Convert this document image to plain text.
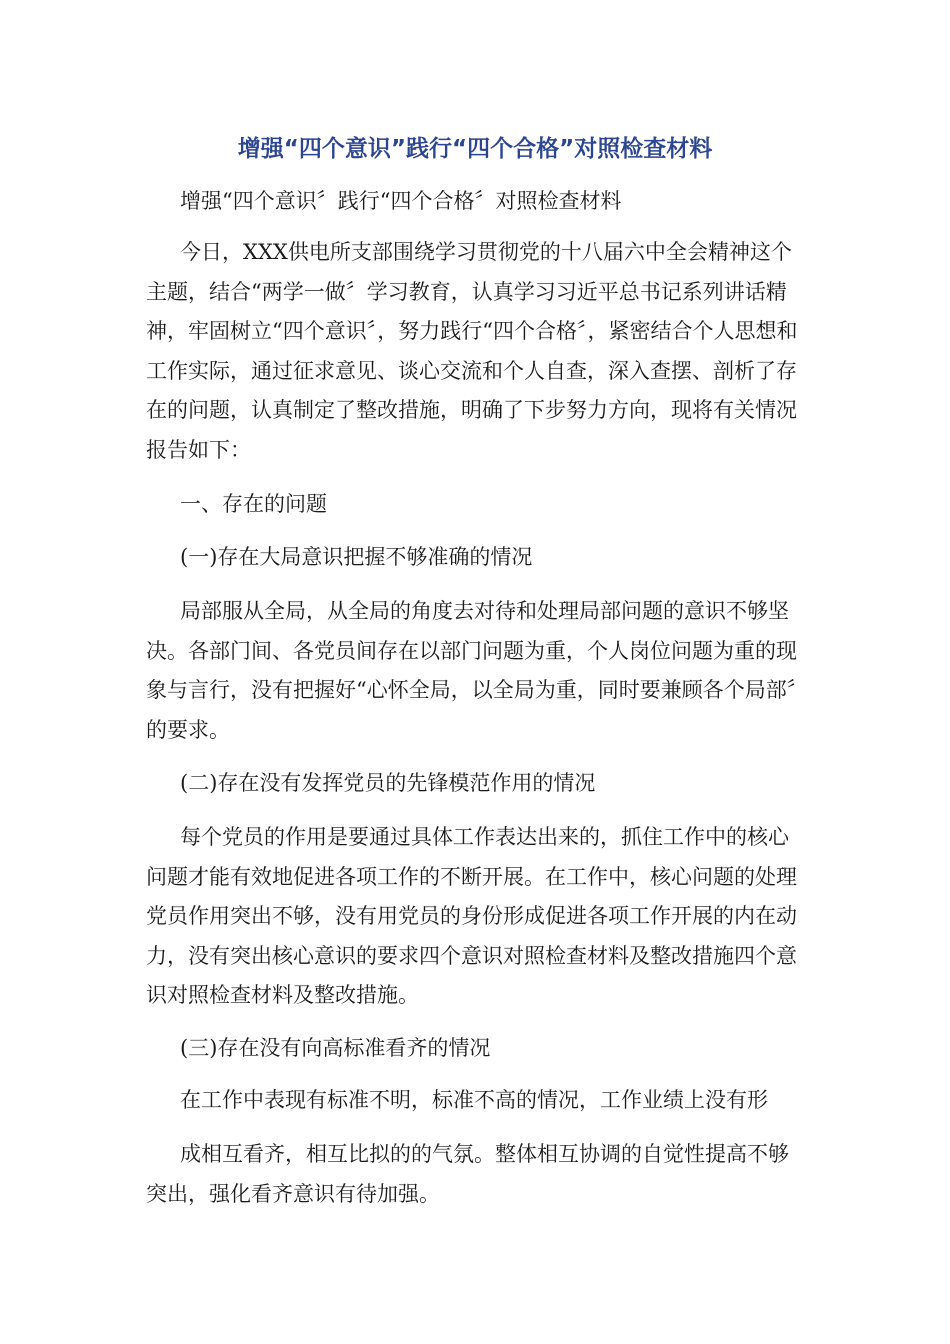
增强“四个意识”践行“四个合格”对照检查材料

增强“四个意识〞践行“四个合格〞对照检查材料

今日，XXX供电所支部围绕学习贯彻党的十八届六中全会精神这个主题，结合“两学一做〞学习教育，认真学习习近平总书记系列讲话精神，牢固树立“四个意识〞，努力践行“四个合格〞，紧密结合个人思想和工作实际，通过征求意见、谈心交流和个人自查，深入查摆、剖析了存在的问题，认真制定了整改措施，明确了下步努力方向，现将有关情况报告如下：

一、存在的问题

(一)存在大局意识把握不够准确的情况

局部服从全局，从全局的角度去对待和处理局部问题的意识不够坚决。各部门间、各党员间存在以部门问题为重，个人岗位问题为重的现象与言行，没有把握好“心怀全局，以全局为重，同时要兼顾各个局部〞的要求。

(二)存在没有发挥党员的先锋模范作用的情况

每个党员的作用是要通过具体工作表达出来的，抓住工作中的核心问题才能有效地促进各项工作的不断开展。在工作中，核心问题的处理党员作用突出不够，没有用党员的身份形成促进各项工作开展的内在动力，没有突出核心意识的要求四个意识对照检查材料及整改措施四个意识对照检查材料及整改措施。

(三)存在没有向高标准看齐的情况

在工作中表现有标准不明，标准不高的情况，工作业绩上没有形

成相互看齐，相互比拟的的气氛。整体相互协调的自觉性提高不够突出，强化看齐意识有待加强。
